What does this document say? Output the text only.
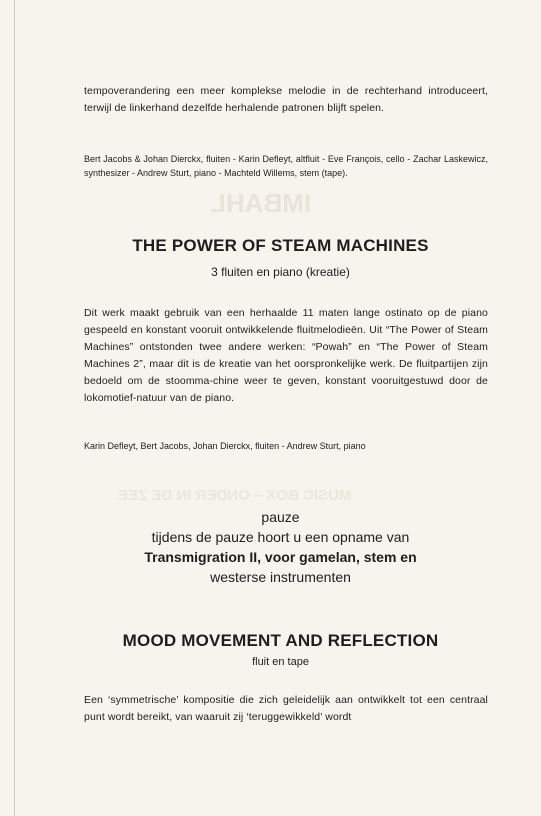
IMBAHL
MUSIC BOX – ONDER IN DE ZEE
tempoverandering een meer komplekse melodie in de rechterhand introduceert, terwijl de linkerhand dezelfde herhalende patronen blijft spelen.
Bert Jacobs & Johan Dierckx, fluiten - Karin Defleyt, altfluit - Eve François, cello - Zachar Laskewicz, synthesizer - Andrew Sturt, piano - Machteld Willems, stem (tape).
THE POWER OF STEAM MACHINES
3 fluiten en piano (kreatie)
Dit werk maakt gebruik van een herhaalde 11 maten lange ostinato op de piano gespeeld en konstant vooruit ontwikkelende fluitmelodieën. Uit “The Power of Steam Machines” ontstonden twee andere werken: “Powah” en “The Power of Steam Machines 2”, maar dit is de kreatie van het oorspronkelijke werk. De fluitpartijen zijn bedoeld om de stoomma-chine weer te geven, konstant vooruitgestuwd door de lokomotief-natuur van de piano.
Karin Defleyt, Bert Jacobs, Johan Dierckx, fluiten - Andrew Sturt, piano
pauze
tijdens de pauze hoort u een opname van
Transmigration II, voor gamelan, stem en
westerse instrumenten
MOOD MOVEMENT AND REFLECTION
fluit en tape
Een ‘symmetrische’ kompositie die zich geleidelijk aan ontwikkelt tot een centraal punt wordt bereikt, van waaruit zij ‘teruggewikkeld’ wordt
